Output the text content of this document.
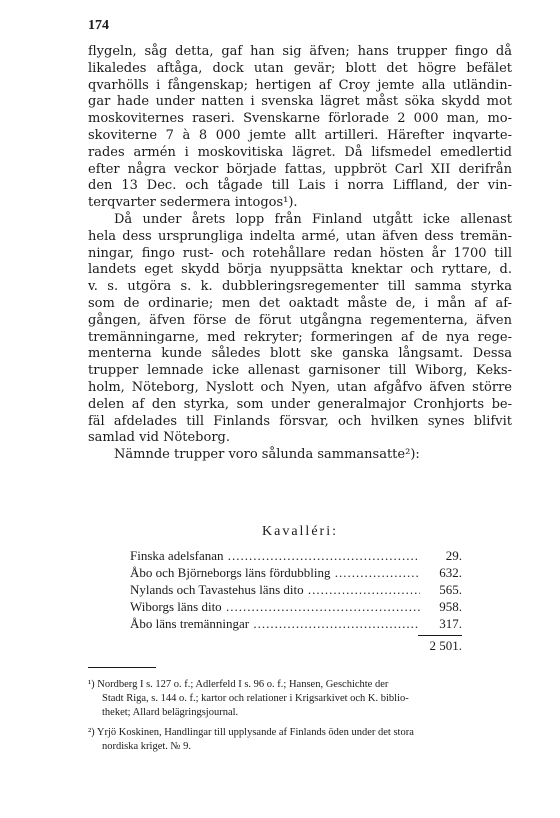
174
flygeln, såg detta, gaf han sig äfven; hans trupper fingo då
likaledes aftåga, dock utan gevär; blott det högre befälet
qvarhölls i fångenskap; hertigen af Croy jemte alla utländin-
gar hade under natten i svenska lägret måst söka skydd mot
moskoviternes raseri. Svenskarne förlorade 2 000 man, mo-
skoviterne 7 à 8 000 jemte allt artilleri. Härefter inqvarte-
rades armén i moskovitiska lägret. Då lifsmedel emedlertid
efter några veckor började fattas, uppbröt Carl XII derifrån
den 13 Dec. och tågade till Lais i norra Liffland, der vin-
terqvarter sedermera intogos¹).
Då under årets lopp från Finland utgått icke allenast
hela dess ursprungliga indelta armé, utan äfven dess tremän-
ningar, fingo rust- och rotehållare redan hösten år 1700 till
landets eget skydd börja nyuppsätta knektar och ryttare, d.
v. s. utgöra s. k. dubbleringsregementer till samma styrka
som de ordinarie; men det oaktadt måste de, i mån af af-
gången, äfven förse de förut utgångna regementerna, äfven
tremänningarne, med rekryter; formeringen af de nya rege-
menterna kunde således blott ske ganska långsamt. Dessa
trupper lemnade icke allenast garnisoner till Wiborg, Keks-
holm, Nöteborg, Nyslott och Nyen, utan afgåfvo äfven större
delen af den styrka, som under generalmajor Cronhjorts be-
fäl afdelades till Finlands försvar, och hvilken synes blifvit
samlad vid Nöteborg.
Nämnde trupper voro sålunda sammansatte²):
Kavalléri:
Finska adelsfanan .....	29.
Åbo och Björneborgs läns fördubbling .....	632.
Nylands och Tavastehus läns dito .....	565.
Wiborgs läns dito .....	958.
Åbo läns tremänningar .....	317.
2 501.
¹) Nordberg I s. 127 o. f.; Adlerfeld I s. 96 o. f.; Hansen, Geschichte der
Stadt Riga, s. 144 o. f.; kartor och relationer i Krigsarkivet och K. biblio-
theket; Allard belägringsjournal.
²) Yrjö Koskinen, Handlingar till upplysande af Finlands öden under det stora
nordiska kriget. № 9.
